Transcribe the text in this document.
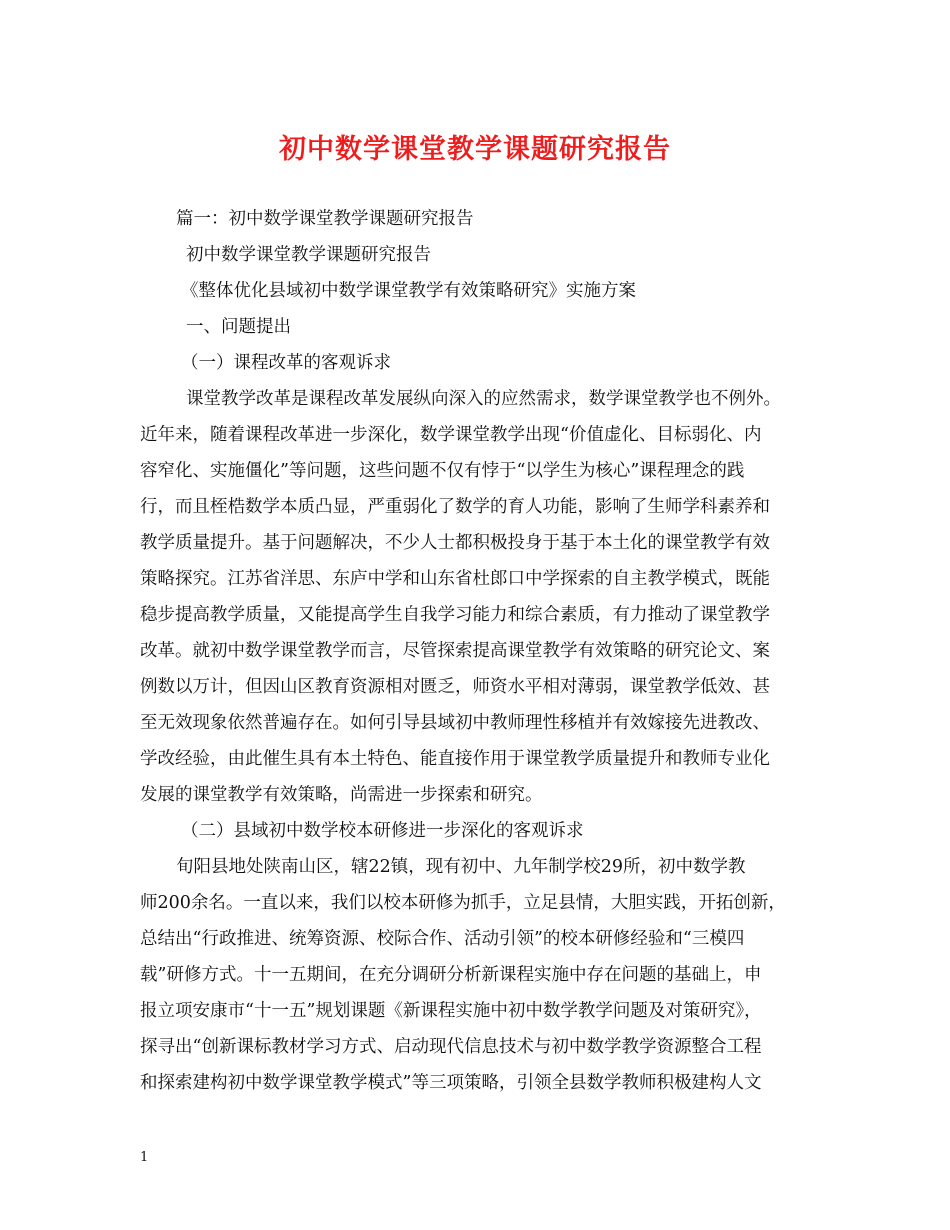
初中数学课堂教学课题研究报告
篇一：初中数学课堂教学课题研究报告
初中数学课堂教学课题研究报告
《整体优化县域初中数学课堂教学有效策略研究》实施方案
一、问题提出
（一）课程改革的客观诉求
课堂教学改革是课程改革发展纵向深入的应然需求，数学课堂教学也不例外。
近年来，随着课程改革进一步深化，数学课堂教学出现“价值虚化、目标弱化、内
容窄化、实施僵化”等问题，这些问题不仅有悖于“以学生为核心”课程理念的践
行，而且桎梏数学本质凸显，严重弱化了数学的育人功能，影响了生师学科素养和
教学质量提升。基于问题解决，不少人士都积极投身于基于本土化的课堂教学有效
策略探究。江苏省洋思、东庐中学和山东省杜郎口中学探索的自主教学模式，既能
稳步提高教学质量，又能提高学生自我学习能力和综合素质，有力推动了课堂教学
改革。就初中数学课堂教学而言，尽管探索提高课堂教学有效策略的研究论文、案
例数以万计，但因山区教育资源相对匮乏，师资水平相对薄弱，课堂教学低效、甚
至无效现象依然普遍存在。如何引导县域初中教师理性移植并有效嫁接先进教改、
学改经验，由此催生具有本土特色、能直接作用于课堂教学质量提升和教师专业化
发展的课堂教学有效策略，尚需进一步探索和研究。
（二）县域初中数学校本研修进一步深化的客观诉求
旬阳县地处陕南山区，辖22镇，现有初中、九年制学校29所，初中数学教
师200余名。一直以来，我们以校本研修为抓手，立足县情，大胆实践，开拓创新，
总结出“行政推进、统筹资源、校际合作、活动引领”的校本研修经验和“三模四
载”研修方式。十一五期间，在充分调研分析新课程实施中存在问题的基础上，申
报立项安康市“十一五”规划课题《新课程实施中初中数学教学问题及对策研究》，
探寻出“创新课标教材学习方式、启动现代信息技术与初中数学教学资源整合工程
和探索建构初中数学课堂教学模式”等三项策略，引领全县数学教师积极建构人文
1
